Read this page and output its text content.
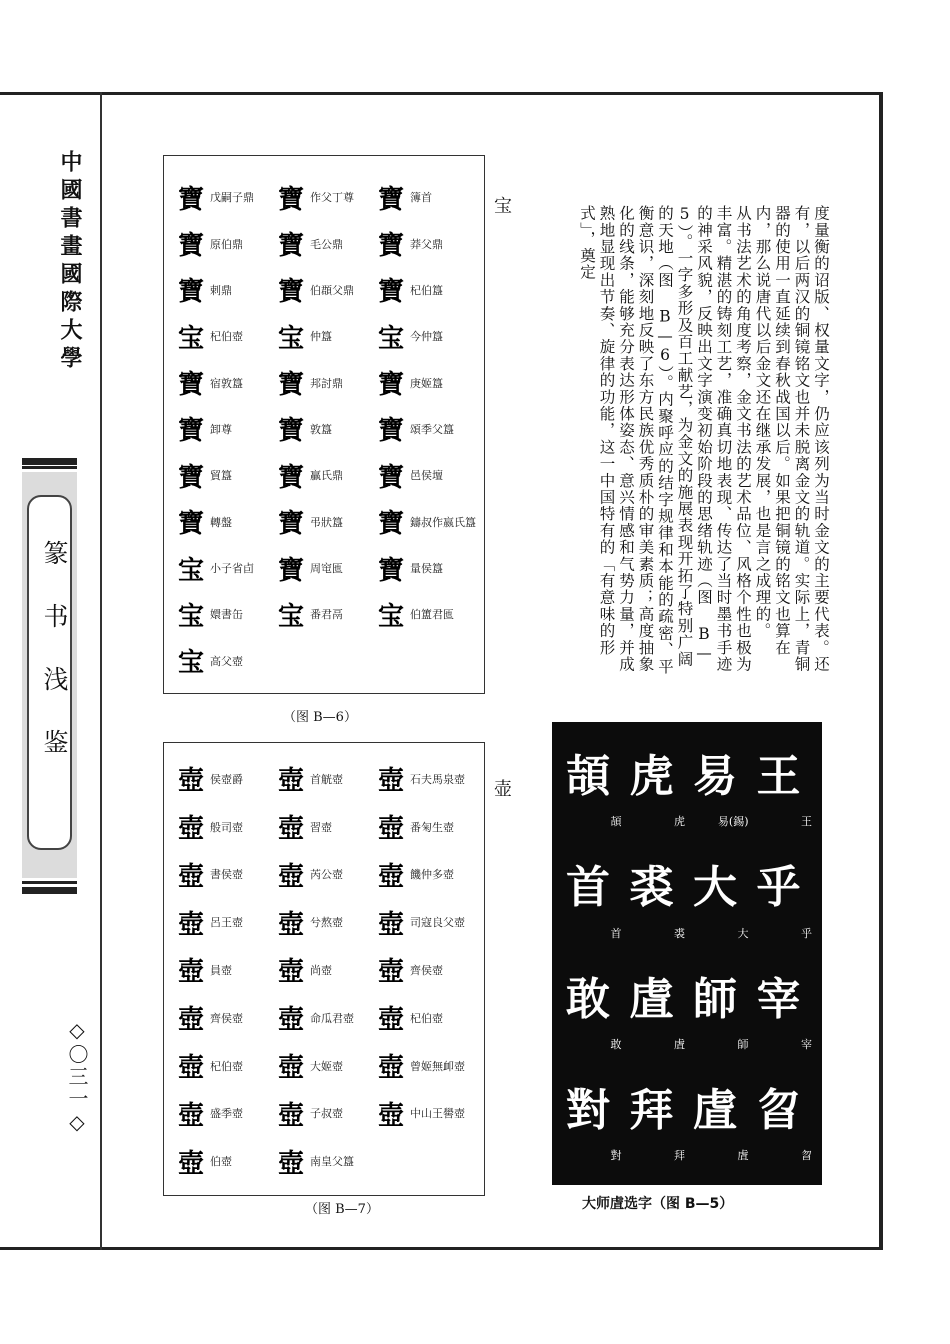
中國書畫國際大學
篆书浅鉴
◇〇三一◇
寶 戊嗣子鼎 寶 作父丁尊 寶 簿首
寶 原伯鼎 寶 毛公鼎 寶 莽父鼎
寶 剌鼎 寶 伯頵父鼎 寶 杞伯簋
宝 杞伯壺 宝 仲簋 宝 今仲簋
寶 宿敦簋 寶 邦討鼎 寶 庚姬簋
寶 卸尊 寶 敦簋 寶 頌季父簋
寶 貿簋 寶 贏氏鼎 寶 邑侯壇
寶 轉盤 寶 弔狀簋 寶 鑄叔作嬴氏簋
宝 小子省卣 寶 周窀匜 寶 量侯簋
宝 嬛書缶 宝 番君鬲 宝 伯簠君匜
宝 高父壺
（图 B—6）
宝
壺 侯壺爵 壺 首觥壺 壺 石夫馬泉壺
壺 般司壺 壺 習壺 壺 番匊生壺
壺 書侯壺 壺 芮公壺 壺 饑仲多壺
壺 呂王壺 壺 兮熬壺 壺 司寇良父壺
壺 員壺 壺 尚壺 壺 齊侯壺
壺 齊侯壺 壺 命瓜君壺 壺 杞伯壺
壺 杞伯壺 壺 大姬壺 壺 曾姬無卹壺
壺 盛季壺 壺 子叔壺 壺 中山王嚳壺
壺 伯壺 壺 南皇父簋
（图 B—7）
壶
度量衡的诏版、权量文字，仍应该列为当时金文的主要代表。还有，以后两汉的铜镜铭文也并未脱离金文的轨道。实际上，青铜器的使用一直延续到春秋战国以后。如果把铜镜的铭文也算在内，那么说唐代以后金文还在继承发展，也是言之成理的。　　从书法艺术的角度考察，金文书法的艺术品位、风格个性也极为丰富。精湛的铸刻工艺，准确真切地表现、传达了当时墨书手迹的神采风貌，反映出文字演变初始阶段的思绪轨迹（图 B—5）。一字多形及百工献艺，为金文的施展表现开拓了特别广阔的天地（图 B—6）。内聚呼应的结字规律和本能的疏密、平衡意识，深刻地反映了东方民族优秀质朴的审美素质；高度抽象化的线条，能够充分表达形体姿态、意兴情感和气势力量，并成熟地显现出节奏、旋律的功能，这一中国特有的「有意味的形式」，奠定
王
王
易
易(錫)
虎
虎
頡
頡
乎
乎
大
大
裘
裘
首
首
宰
宰
師
師
虘
虘
敢
敢
曶
曶
虘
虘
拜
拜
對
對
大师虘选字（图 B—5）
